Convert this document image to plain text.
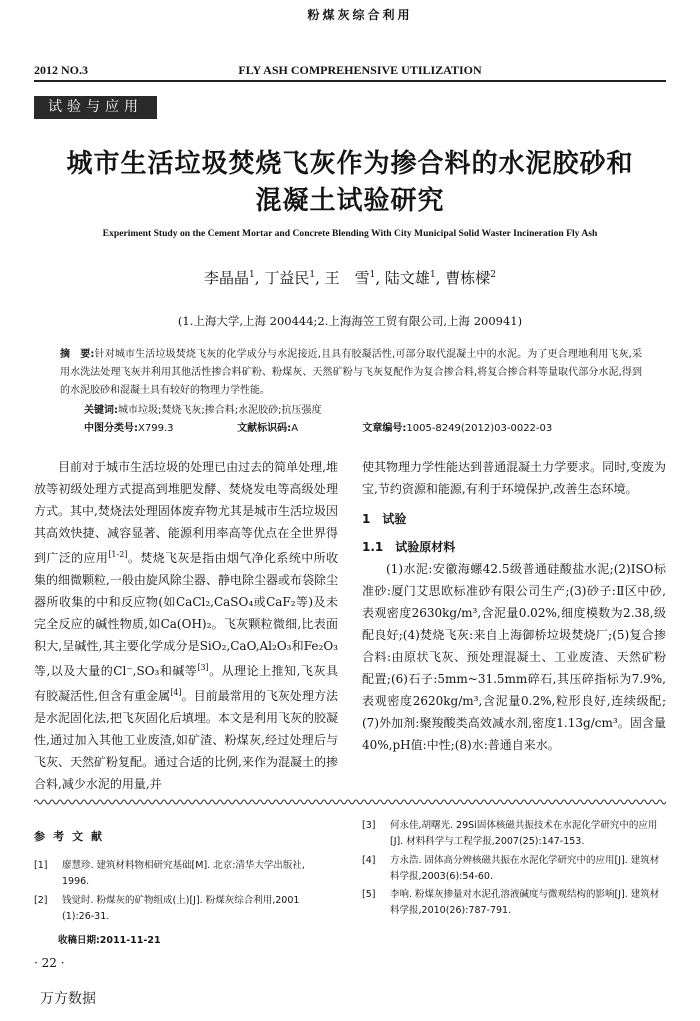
粉煤灰综合利用
2012 NO.3	FLY ASH COMPREHENSIVE UTILIZATION
试验与应用
城市生活垃圾焚烧飞灰作为掺合料的水泥胶砂和
混凝土试验研究
Experiment Study on the Cement Mortar and Concrete Blending With City Municipal Solid Waster Incineration Fly Ash
李晶晶$^1$, 丁益民$^1$, 王　雪$^1$, 陆文雄$^1$, 曹栋樑$^2$
(1.上海大学,上海 200444;2.上海海笠工贸有限公司,上海 200941)
摘　要:针对城市生活垃圾焚烧飞灰的化学成分与水泥接近,且具有胶凝活性,可部分取代混凝土中的水泥。为了更合理地利用飞灰,采用水洗法处理飞灰并利用其他活性掺合料矿粉、粉煤灰、天然矿粉与飞灰复配作为复合掺合料,将复合掺合料等量取代部分水泥,得到的水泥胶砂和混凝土具有较好的物理力学性能。
关键词:城市垃圾;焚烧飞灰;掺合料;水泥胶砂;抗压强度
中图分类号:X799.3	文献标识码:A	文章编号:1005-8249(2012)03-0022-03

目前对于城市生活垃圾的处理已由过去的简单处理,堆放等初级处理方式提高到堆肥发酵、焚烧发电等高级处理方式。其中,焚烧法处理固体废弃物尤其是城市生活垃圾因其高效快捷、减容显著、能源利用率高等优点在全世界得到广泛的应用[1-2]。焚烧飞灰是指由烟气净化系统中所收集的细微颗粒,一般由旋风除尘器、静电除尘器或布袋除尘器所收集的中和反应物(如CaCl₂,CaSO₄或CaF₂等)及未完全反应的碱性物质,如Ca(OH)₂。飞灰颗粒微细,比表面积大,呈碱性,其主要化学成分是SiO₂,CaO,Al₂O₃和Fe₂O₃等,以及大量的Cl⁻,SO₃和碱等[3]。从理论上推知,飞灰具有胶凝活性,但含有重金属[4]。目前最常用的飞灰处理方法是水泥固化法,把飞灰固化后填埋。本文是利用飞灰的胶凝性,通过加入其他工业废渣,如矿渣、粉煤灰,经过处理后与飞灰、天然矿粉复配。通过合适的比例,来作为混凝土的掺合料,减少水泥的用量,并

使其物理力学性能达到普通混凝土力学要求。同时,变废为宝,节约资源和能源,有利于环境保护,改善生态环境。

1　试验

1.1　试验原材料

(1)水泥:安徽海螺42.5级普通硅酸盐水泥;(2)ISO标准砂:厦门艾思欧标准砂有限公司生产;(3)砂子:Ⅱ区中砂,表观密度2630kg/m³,含泥量0.02%,细度模数为2.38,级配良好;(4)焚烧飞灰:来自上海御桥垃圾焚烧厂;(5)复合掺合料:由原状飞灰、预处理混凝土、工业废渣、天然矿粉配置;(6)石子:5mm~31.5mm碎石,其压碎指标为7.9%,表观密度2620kg/m³,含泥量0.2%,粒形良好,连续级配;(7)外加剂:聚羧酸类高效减水剂,密度1.13g/cm³。固含量40%,pH值:中性;(8)水:普通自来水。

参考文献
[1] 廖慧珍. 建筑材料物相研究基础[M]. 北京:清华大学出版社, 1996.
[2] 钱觉时. 粉煤灰的矿物组成(上)[J]. 粉煤灰综合利用,2001 (1):26-31.
[3] 何永佳,胡曙光. 29Si固体核磁共振技术在水泥化学研究中的应用[J]. 材料科学与工程学报,2007(25):147-153.
[4] 方永浩. 固体高分辨核磁共振在水泥化学研究中的应用[J]. 建筑材料学报,2003(6):54-60.
[5] 李响. 粉煤灰掺量对水泥孔溶液碱度与微观结构的影响[J]. 建筑材料学报,2010(26):787-791.
收稿日期:2011-11-21
· 22 ·
万方数据
